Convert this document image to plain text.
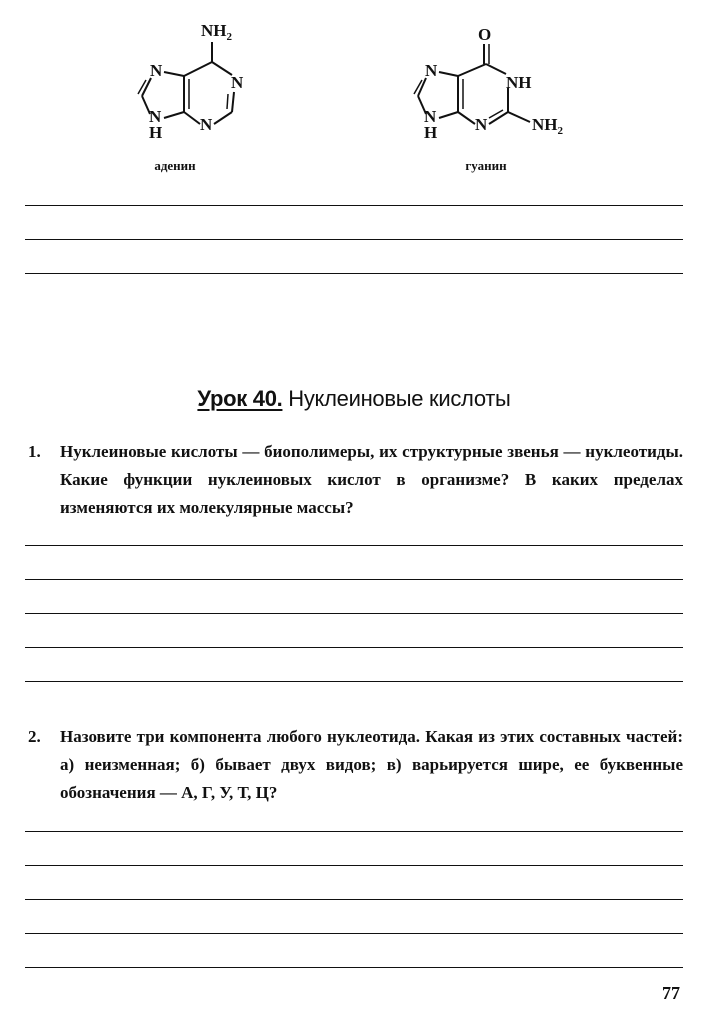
$NH_2$
N
N
N
N
H
аденин
O
N
NH
N
N
H	$NH_2$
гуанин
Урок 40. Нуклеиновые кислоты
1. Нуклеиновые кислоты — биополимеры, их структурные звенья — нуклеотиды. Какие функции нуклеиновых кислот в организме? В каких пределах изменяются их молекулярные массы?
2. Назовите три компонента любого нуклеотида. Какая из этих составных частей: а) неизменная; б) бывает двух видов; в) варьируется шире, ее буквенные обозначения — А, Г, У, Т, Ц?
77
